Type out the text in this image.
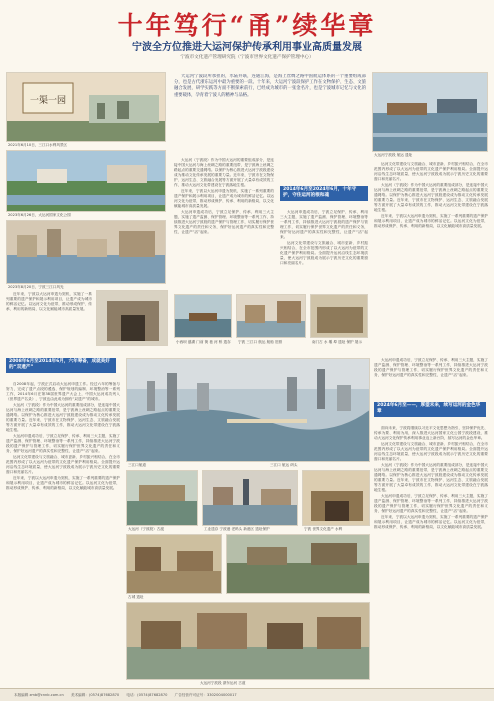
十年笃行“甬”续华章
宁波全方位推进大运河保护传承利用事业高质量发展
宁波市文化遗产管理研究院（宁波市世界文化遗产保护管理中心）
一渠一园
2021年6月10日，三江口水利风景区
2023年6月26日，大运河国家文化公园
2023年8月20日，宁波三江口风光

大运河宁波段所承担的，水陆并联，连通江海，是海上丝绸之路中国航运体系的一个重要组成部分，也是古代浙东运河中最为重要的一段。十年来，大运河宁波段保护工作在文物保护、生态、文旅融合发展、研学实践等方面不断探索前行，已经成为城市的一张金名片，也是宁波城市记忆与文化的重要载体，孕育着宁波人的精神与品格。

大运河宁波段 航运 遗址

大运河（宁波段）作为中国大运河的重要组成部分，是连接中国大运河与海上丝绸之路的重要纽带，是宁波海上丝绸之路起点的重要交通网络。以保护为核心推进大运河宁波段建设成为推动文化传承发展的重要力量。近年来，宁波市在文物保护、运河生态、文旅融合发展等方面开展了大量卓有成效的工作，推动大运河文化带建设在宁波落地生根。

近年来，宁波以大运河申遗为契机，实施了一系列重要的遗产保护和展示利用项目，让遗产成为城市的鲜活记忆。以运河文化为纽带，推动形成保护、传承、利用的新格局，以文化赋能城市高质量发展。

大运河申遗成功后，宁波立足保护、传承、利用三大主题，实施了遗产监测、保护管理、环境整治等一系列工作，持续推进大运河宁波段的遗产保护与管理工作，切实履行保护世界文化遗产的责任和义务，保护好运河遗产的真实性和完整性，让遗产“活”起来。

2014年6月至2024年6月，十年守护，守住运河的根和魂

大运河申遗成功后，宁波立足保护、传承、利用三大主题，实施了遗产监测、保护管理、环境整治等一系列工作，持续推进大运河宁波段的遗产保护与管理工作，切实履行保护世界文化遗产的责任和义务，保护好运河遗产的真实性和完整性，让遗产“活”起来。

运河文化带建设与文旅融合、城市更新、乡村振兴相结合，在全市范围内形成了以大运河为纽带的文化遗产保护利用格局。全面提升运河沿线生态环境质量，使大运河宁波段成为展示宁波历史文化的重要窗口和亮丽名片。

运河文化带建设与文旅融合、城市更新、乡村振兴相结合，在全市范围内形成了以大运河为纽带的文化遗产保护利用格局。全面提升运河沿线生态环境质量，使大运河宁波段成为展示宁波历史文化的重要窗口和亮丽名片。

大运河（宁波段）作为中国大运河的重要组成部分，是连接中国大运河与海上丝绸之路的重要纽带，是宁波海上丝绸之路起点的重要交通网络。以保护为核心推进大运河宁波段建设成为推动文化传承发展的重要力量。近年来，宁波市在文物保护、运河生态、文旅融合发展等方面开展了大量卓有成效的工作，推动大运河文化带建设在宁波落地生根。

近年来，宁波以大运河申遗为契机，实施了一系列重要的遗产保护和展示利用项目，让遗产成为城市的鲜活记忆。以运河文化为纽带，推动形成保护、传承、利用的新格局，以文化赋能城市高质量发展。

小西坝 慈湖 门前 街 巷 河 桥 遗存 宁波 三江口 航运 航船 旧照	南门古 水 堰 埠 遗址 保护 展示

近年来，宁波以大运河申遗为契机，实施了一系列重要的遗产保护和展示利用项目，让遗产成为城市的鲜活记忆。以运河文化为纽带，推动形成保护、传承、利用的新格局，以文化赋能城市高质量发展。

2008年6月至2014年6月，六年筹备，成就美好的“双遗产”

自2008年起，宁波正式启动大运河申遗工作。经过六年的筹备与努力，完成了遗产点段的遴选、保护规划的编制、环境整治等一系列工作，2014年6月在第38届世界遗产大会上，中国大运河成功列入《世界遗产名录》，宁波也由此成为拥有“双遗产”的城市。

大运河（宁波段）作为中国大运河的重要组成部分，是连接中国大运河与海上丝绸之路的重要纽带，是宁波海上丝绸之路起点的重要交通网络。以保护为核心推进大运河宁波段建设成为推动文化传承发展的重要力量。近年来，宁波市在文物保护、运河生态、文旅融合发展等方面开展了大量卓有成效的工作，推动大运河文化带建设在宁波落地生根。

大运河申遗成功后，宁波立足保护、传承、利用三大主题，实施了遗产监测、保护管理、环境整治等一系列工作，持续推进大运河宁波段的遗产保护与管理工作，切实履行保护世界文化遗产的责任和义务，保护好运河遗产的真实性和完整性，让遗产“活”起来。

运河文化带建设与文旅融合、城市更新、乡村振兴相结合，在全市范围内形成了以大运河为纽带的文化遗产保护利用格局。全面提升运河沿线生态环境质量，使大运河宁波段成为展示宁波历史文化的重要窗口和亮丽名片。

近年来，宁波以大运河申遗为契机，实施了一系列重要的遗产保护和展示利用项目，让遗产成为城市的鲜活记忆。以运河文化为纽带，推动形成保护、传承、利用的新格局，以文化赋能城市高质量发展。

三江口 航运 码头
三江口航道
大运河（宁波段）古渡	工业遗存 宁波港 老码头 新港区 遗址保护	宁波 世界文化遗产 水利
古城 遗址
大运河宁波段 浙东运河 古道

大运河申遗成功后，宁波立足保护、传承、利用三大主题，实施了遗产监测、保护管理、环境整治等一系列工作，持续推进大运河宁波段的遗产保护与管理工作，切实履行保护世界文化遗产的责任和义务，保护好运河遗产的真实性和完整性，让遗产“活”起来。

2024年6月至——，厚望未来，续写运河的金色华章

面向未来，宁波将继续以习近平文化思想为指引，坚持保护优先、传承为要、利用为用，深入推进大运河国家文化公园宁波段建设，推动大运河文化保护传承利用事业迈上新台阶，续写运河的金色华章。

运河文化带建设与文旅融合、城市更新、乡村振兴相结合，在全市范围内形成了以大运河为纽带的文化遗产保护利用格局。全面提升运河沿线生态环境质量，使大运河宁波段成为展示宁波历史文化的重要窗口和亮丽名片。

大运河（宁波段）作为中国大运河的重要组成部分，是连接中国大运河与海上丝绸之路的重要纽带，是宁波海上丝绸之路起点的重要交通网络。以保护为核心推进大运河宁波段建设成为推动文化传承发展的重要力量。近年来，宁波市在文物保护、运河生态、文旅融合发展等方面开展了大量卓有成效的工作，推动大运河文化带建设在宁波落地生根。

大运河申遗成功后，宁波立足保护、传承、利用三大主题，实施了遗产监测、保护管理、环境整治等一系列工作，持续推进大运河宁波段的遗产保护与管理工作，切实履行保护世界文化遗产的责任和义务，保护好运河遗产的真实性和完整性，让遗产“活”起来。

近年来，宁波以大运河申遗为契机，实施了一系列重要的遗产保护和展示利用项目，让遗产成为城市的鲜活记忆。以运河文化为纽带，推动形成保护、传承、利用的新格局，以文化赋能城市高质量发展。

本版编辑 zmb@cnnb.com.cn　　美术编辑：(0574)87682870　　电话：(0574)87682870　　广告经营许可证号：3302004000017
